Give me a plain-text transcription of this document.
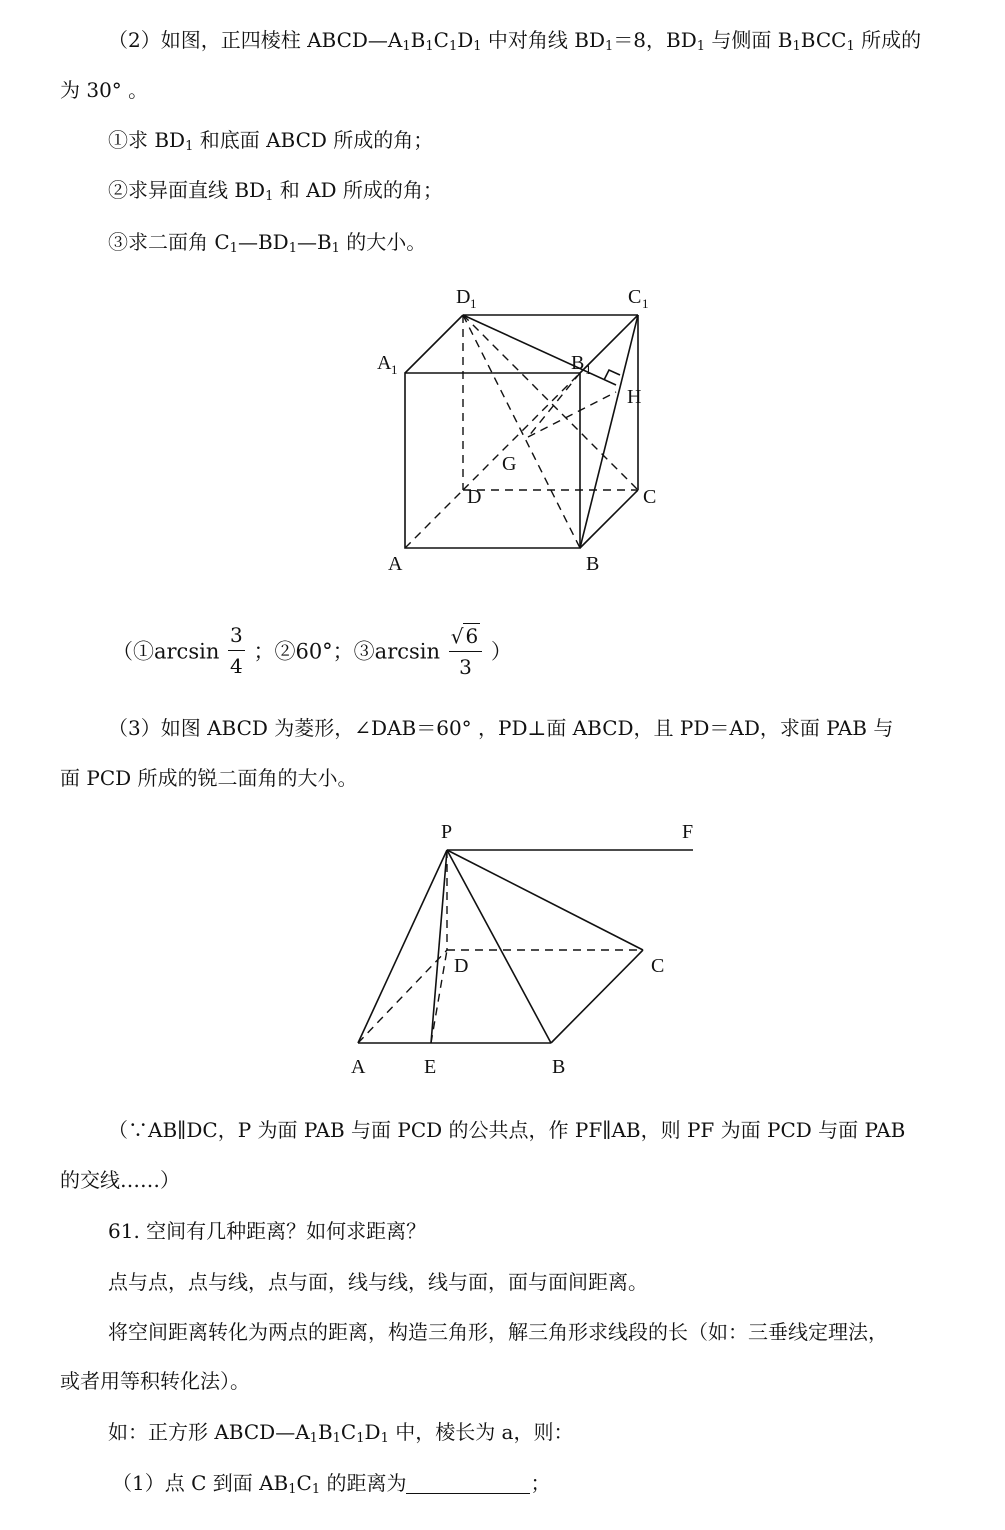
（2）如图，正四棱柱 $ABCD—A_1B_1C_1D_1$ 中对角线 $BD_1=8$，$BD_1$ 与侧面 $B_1BCC_1$ 所成的
为 30° 。
①求 $BD_1$ 和底面 ABCD 所成的角；
②求异面直线 $BD_1$ 和 AD 所成的角；
③求二面角 $C_1—BD_1—B_1$ 的大小。
D 1	C 1
A 1	B 1
H
G
D	C
A	B
（①arcsin $\frac{3}{4}$ ；②60°；③arcsin $\frac{√ 6}{3}$ ）
（3）如图 ABCD 为菱形，∠DAB＝60° ，PD⊥面 ABCD，且 PD＝AD，求面 PAB 与
面 PCD 所成的锐二面角的大小。
P	F
D	C
A	E	B
（∵AB∥DC，P 为面 PAB 与面 PCD 的公共点，作 PF∥AB，则 PF 为面 PCD 与面 PAB
的交线……）
61. 空间有几种距离？如何求距离？
点与点，点与线，点与面，线与线，线与面，面与面间距离。
将空间距离转化为两点的距离，构造三角形，解三角形求线段的长（如：三垂线定理法，
或者用等积转化法）。
如：正方形 $ABCD—A_1B_1C_1D_1$ 中，棱长为 a，则：
（1）点 C 到面 $AB_1C_1$ 的距离为	；
